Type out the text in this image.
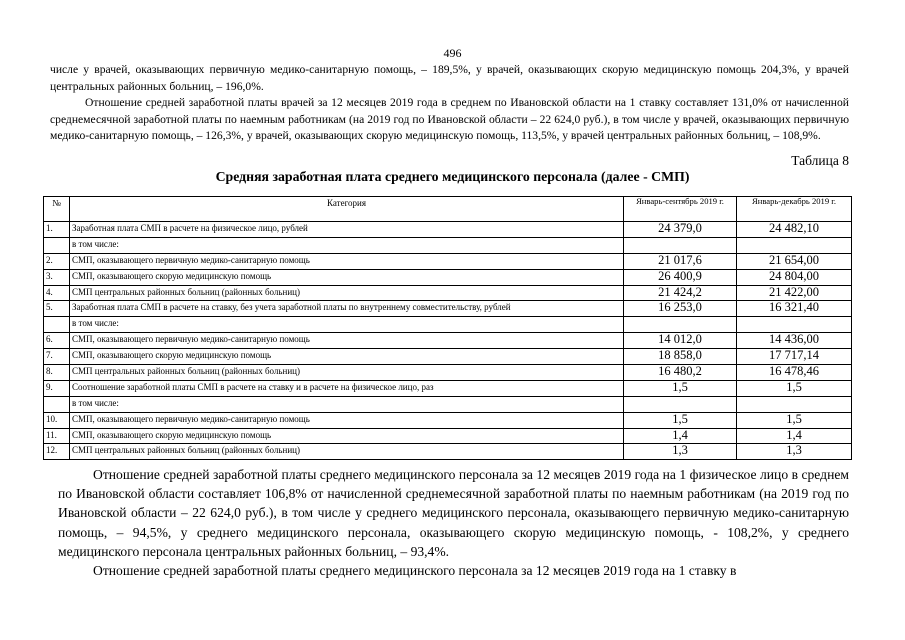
496

числе у врачей, оказывающих первичную медико-санитарную помощь, – 189,5%, у врачей, оказывающих скорую медицинскую помощь 204,3%, у врачей центральных районных больниц, – 196,0%.

Отношение средней заработной платы врачей за 12 месяцев 2019 года в среднем по Ивановской области на 1 ставку составляет 131,0% от начисленной среднемесячной заработной платы по наемным работникам (на 2019 год по Ивановской области – 22 624,0 руб.), в том числе у врачей, оказывающих первичную медико-санитарную помощь, – 126,3%, у врачей, оказывающих скорую медицинскую помощь, 113,5%, у врачей центральных районных больниц, – 108,9%.

Таблица 8
Средняя заработная плата среднего медицинского персонала (далее - СМП)
№	Категория	Январь-сентябрь 2019 г.	Январь-декабрь 2019 г.
1.	Заработная плата СМП в расчете на физическое лицо, рублей	24 379,0	24 482,10
	в том числе:		
2.	СМП, оказывающего первичную медико-санитарную помощь	21 017,6	21 654,00
3.	СМП, оказывающего скорую медицинскую помощь	26 400,9	24 804,00
4.	СМП центральных районных больниц (районных больниц)	21 424,2	21 422,00
5.	Заработная плата СМП в расчете на ставку, без учета заработной платы по внутреннему совместительству, рублей	16 253,0	16 321,40
	в том числе:		
6.	СМП, оказывающего первичную медико-санитарную помощь	14 012,0	14 436,00
7.	СМП, оказывающего скорую медицинскую помощь	18 858,0	17 717,14
8.	СМП центральных районных больниц (районных больниц)	16 480,2	16 478,46
9.	Соотношение заработной платы СМП в расчете на ставку и в расчете на физическое лицо, раз	1,5	1,5
	в том числе:		
10.	СМП, оказывающего первичную медико-санитарную помощь	1,5	1,5
11.	СМП, оказывающего скорую медицинскую помощь	1,4	1,4
12.	СМП центральных районных больниц (районных больниц)	1,3	1,3

Отношение средней заработной платы среднего медицинского персонала за 12 месяцев 2019 года на 1 физическое лицо в среднем по Ивановской области составляет 106,8% от начисленной среднемесячной заработной платы по наемным работникам (на 2019 год по Ивановской области – 22 624,0 руб.), в том числе у среднего медицинского персонала, оказывающего первичную медико-санитарную помощь, – 94,5%, у среднего медицинского персонала, оказывающего скорую медицинскую помощь, - 108,2%, у среднего медицинского персонала центральных районных больниц, – 93,4%.

Отношение средней заработной платы среднего медицинского персонала за 12 месяцев 2019 года на 1 ставку в
